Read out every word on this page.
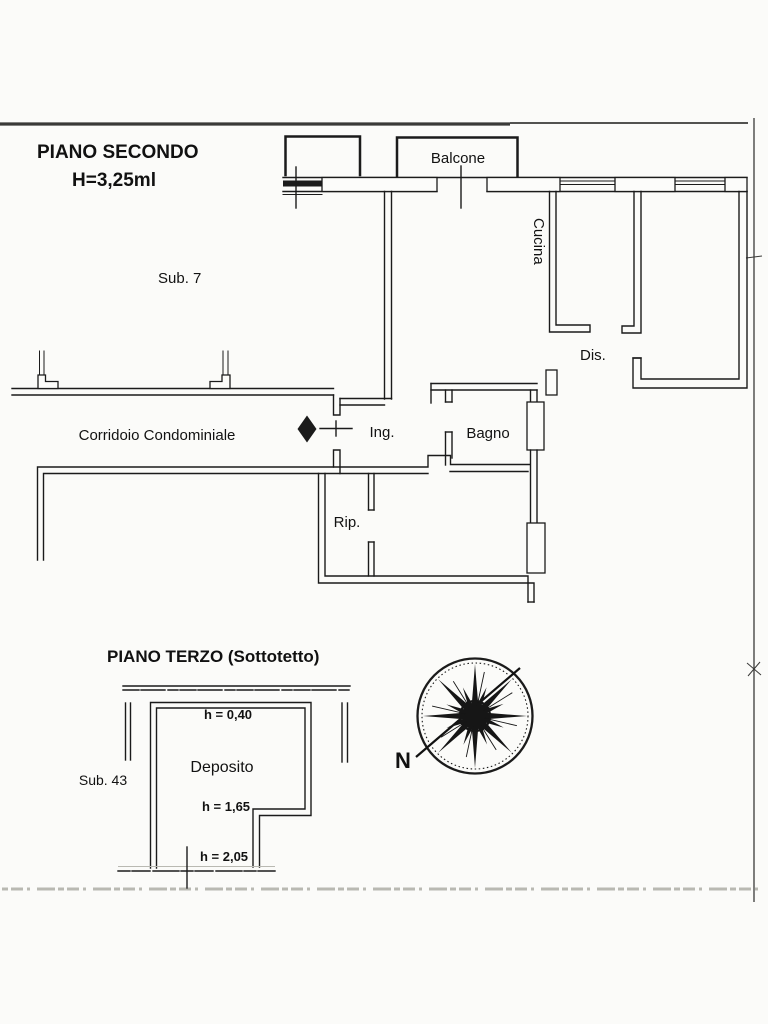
PIANO SECONDO
H=3,25ml
Balcone
Sub. 7
Cucina
Dis.
Corridoio Condominiale	Ing.	Bagno
Rip.
PIANO TERZO (Sottotetto)
h = 0,40
Deposito
h = 1,65
h = 2,05
Sub. 43
N
